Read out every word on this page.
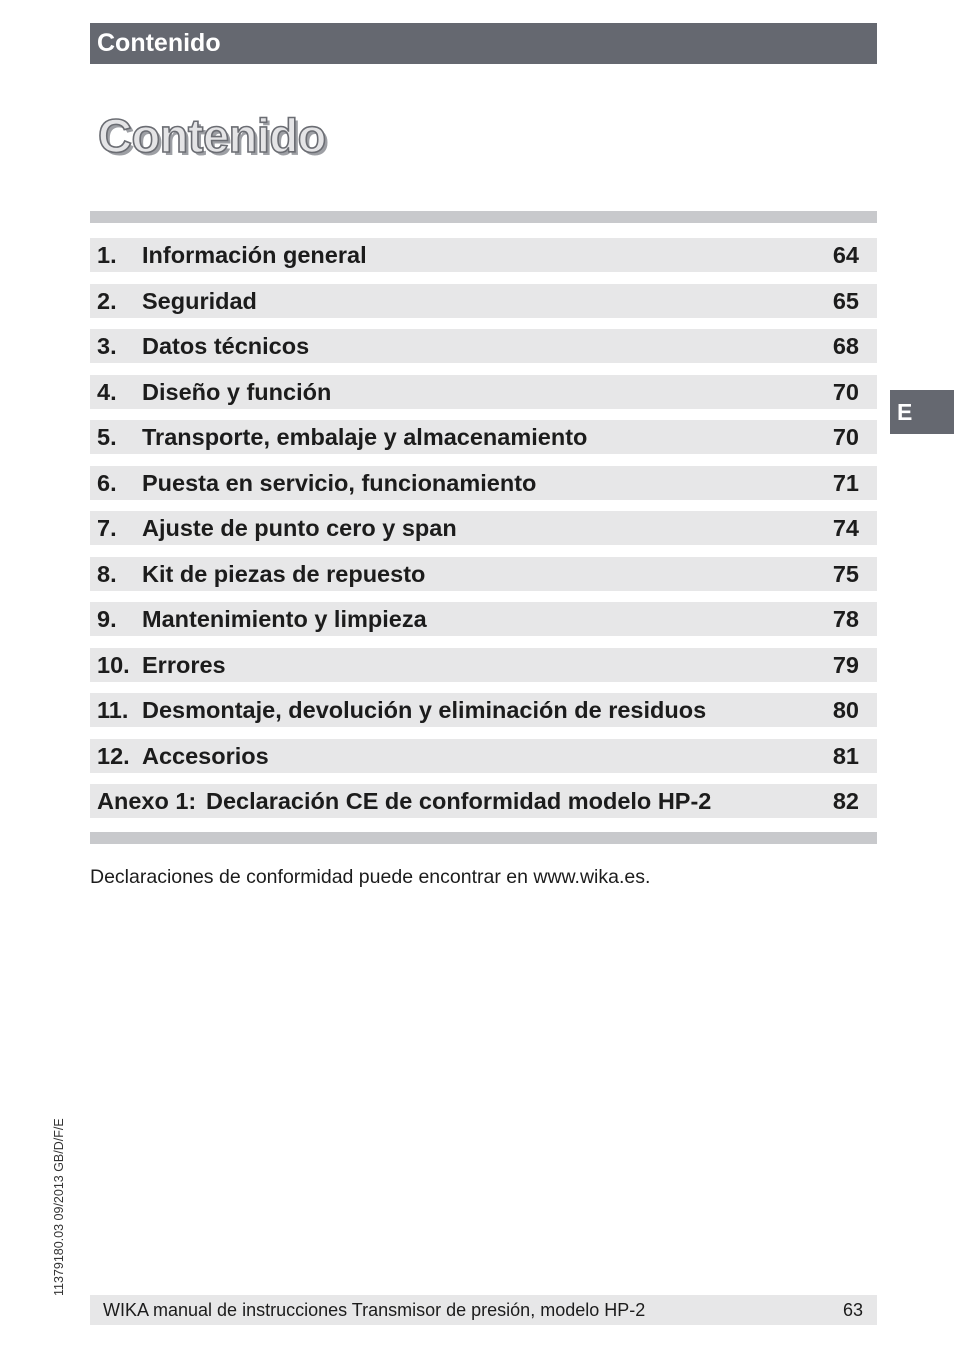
Contenido
Contenido
1. Información general	64
2. Seguridad	65
3. Datos técnicos	68
4. Diseño y función	70
5. Transporte, embalaje y almacenamiento	70
6. Puesta en servicio, funcionamiento	71
7. Ajuste de punto cero y span	74
8. Kit de piezas de repuesto	75
9. Mantenimiento y limpieza	78
10. Errores	79
11. Desmontaje, devolución y eliminación de residuos	80
12. Accesorios	81
Anexo 1: Declaración CE de conformidad modelo HP-2	82
E
Declaraciones de conformidad puede encontrar en www.wika.es.
11379180.03 09/2013 GB/D/F/E
WIKA manual de instrucciones Transmisor de presión, modelo HP-2	63
